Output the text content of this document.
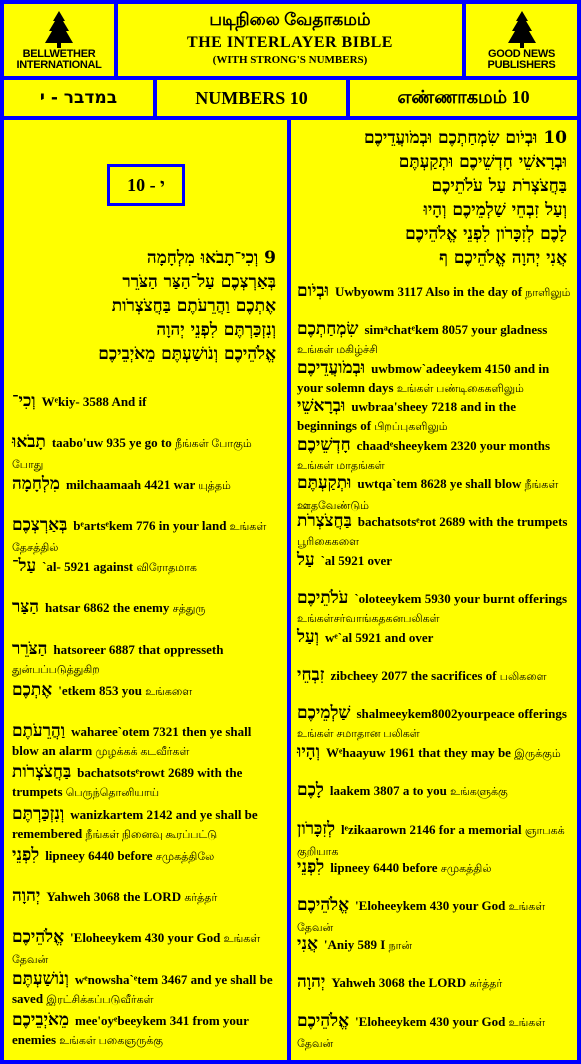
BELLWETHER INTERNATIONAL
படிநிலை வேதாகமம்
THE INTERLAYER BIBLE
(WITH STRONG'S NUMBERS)	GOOD NEWS PUBLISHERS
במדבר - י	NUMBERS 10	எண்ணாகமம் 10
י - 10
9 וְכִי־תָבֹאוּ מִלְחָמָה
בְּאַרְצְכֶם עַל־הַצַּר הַצֹּרֵר
אֶתְכֶם וַהֲרֵעֹתֶם בַּחֲצֹצְרֹות
וְנִזְכַּרְתֶּם לִפְנֵי יְהוָה
אֱלֹהֵיכֶם וְנֹושַׁעְתֶּם מֵאֹיְבֵיכֶם
וְכִי־ Wᵉkiy- 3588 And if
תָבֹאוּ taabo'uw 935 ye go to நீங்கள் போகும் போது
מִלְחָמָה milchaamaah 4421 war யுத்தம்
בְּאַרְצְכֶם bᵉartsᵉkem 776 in your land உங்கள் தேசத்தில்
עַל־ `al- 5921 against விரோதமாக
הַצַּר hatsar 6862 the enemy சத்துரு
הַצֹּרֵר hatsoreer 6887 that oppresseth துன்பப்படுத்துகிற
אֶתְכֶם 'etkem 853 you உங்களை
וַהֲרֵעֹתֶם waharee`otem 7321 then ye shall blow an alarm முழக்கக் கடவீர்கள்
בַּחֲצֹצְרֹות bachatsotsᵉrowt 2689 with the trumpets பெருந்தொனியாய்
וְנִזְכַּרְתֶּם wanizkartem 2142 and ye shall be remembered நீங்கள் நினைவு கூரப்பட்டு
לִפְנֵי lipneey 6440 before சமுகத்திலே
יְהוָה Yahweh 3068 the LORD கர்த்தர்
אֱלֹהֵיכֶם 'Eloheeykem 430 your God உங்கள் தேவன்
וְנֹושַׁעְתֶּם wᵉnowsha`ᵉtem 3467 and ye shall be saved இரட்சிக்கப்படுவீர்கள்
מֵאֹיְבֵיכֶם mee'oyᵉbeeykem 341 from your enemies உங்கள் பகைஞருக்கு
10 וּבְיֹום שִׂמְחַתְכֶם וּבְמֹועֲדֵיכֶם
וּבְרָאשֵׁי חָדְשֵׁיכֶם וּתְקַעְתֶּם
בַּחֲצֹצְרֹת עַל עֹלֹתֵיכֶם
וְעַל זִבְחֵי שַׁלְמֵיכֶם וְהָיוּ
לָכֶם לְזִכָּרֹון לִפְנֵי אֱלֹהֵיכֶם
אֲנִי יְהוָה אֱלֹהֵיכֶם ף
וּבְיֹום Uwbyowm 3117 Also in the day of நாளிலும்
שִׂמְחַתְכֶם simᵃchatᵉkem 8057 your gladness உங்கள் மகிழ்ச்சி
וּבְמֹועֲדֵיכֶם uwbmow`adeeykem 4150 and in your solemn days உங்கள் பண்டிகைகளிலும்
וּבְרָאשֵׁי uwbraa'sheey 7218 and in the beginnings of பிறப்புகளிலும்
חָדְשֵׁיכֶם chaadᵉsheeykem 2320 your months உங்கள் மாதங்கள்
וּתְקַעְתֶּם uwtqa`tem 8628 ye shall blow நீங்கள் ஊதவேண்டும்
בַּחֲצֹצְרֹת bachatsotsᵉrot 2689 with the trumpets பூரிகைகளை
עַל `al 5921 over
עֹלֹתֵיכֶם `oloteeykem 5930 your burnt offerings உங்கள்சர்வாங்கதகனபலிகள்
וְעַל wᵉ`al 5921 and over
זִבְחֵי zibcheey 2077 the sacrifices of பலிகளை
שַׁלְמֵיכֶם shalmeeykem8002yourpeace offerings உங்கள் சமாதான பலிகள்
וְהָיוּ Wᵉhaayuw 1961 that they may be இருக்கும்
לָכֶם laakem 3807 a to you உங்களுக்கு
לְזִכָּרֹון lᵉzikaarown 2146 for a memorial ஞாபகக் குறியாக
לִפְנֵי lipneey 6440 before சமுகத்தில்
אֱלֹהֵיכֶם 'Eloheeykem 430 your God உங்கள் தேவன்
אֲנִי 'Aniy 589 I நான்
יְהוָה Yahweh 3068 the LORD கர்த்தர்
אֱלֹהֵיכֶם 'Eloheeykem 430 your God உங்கள் தேவன்
